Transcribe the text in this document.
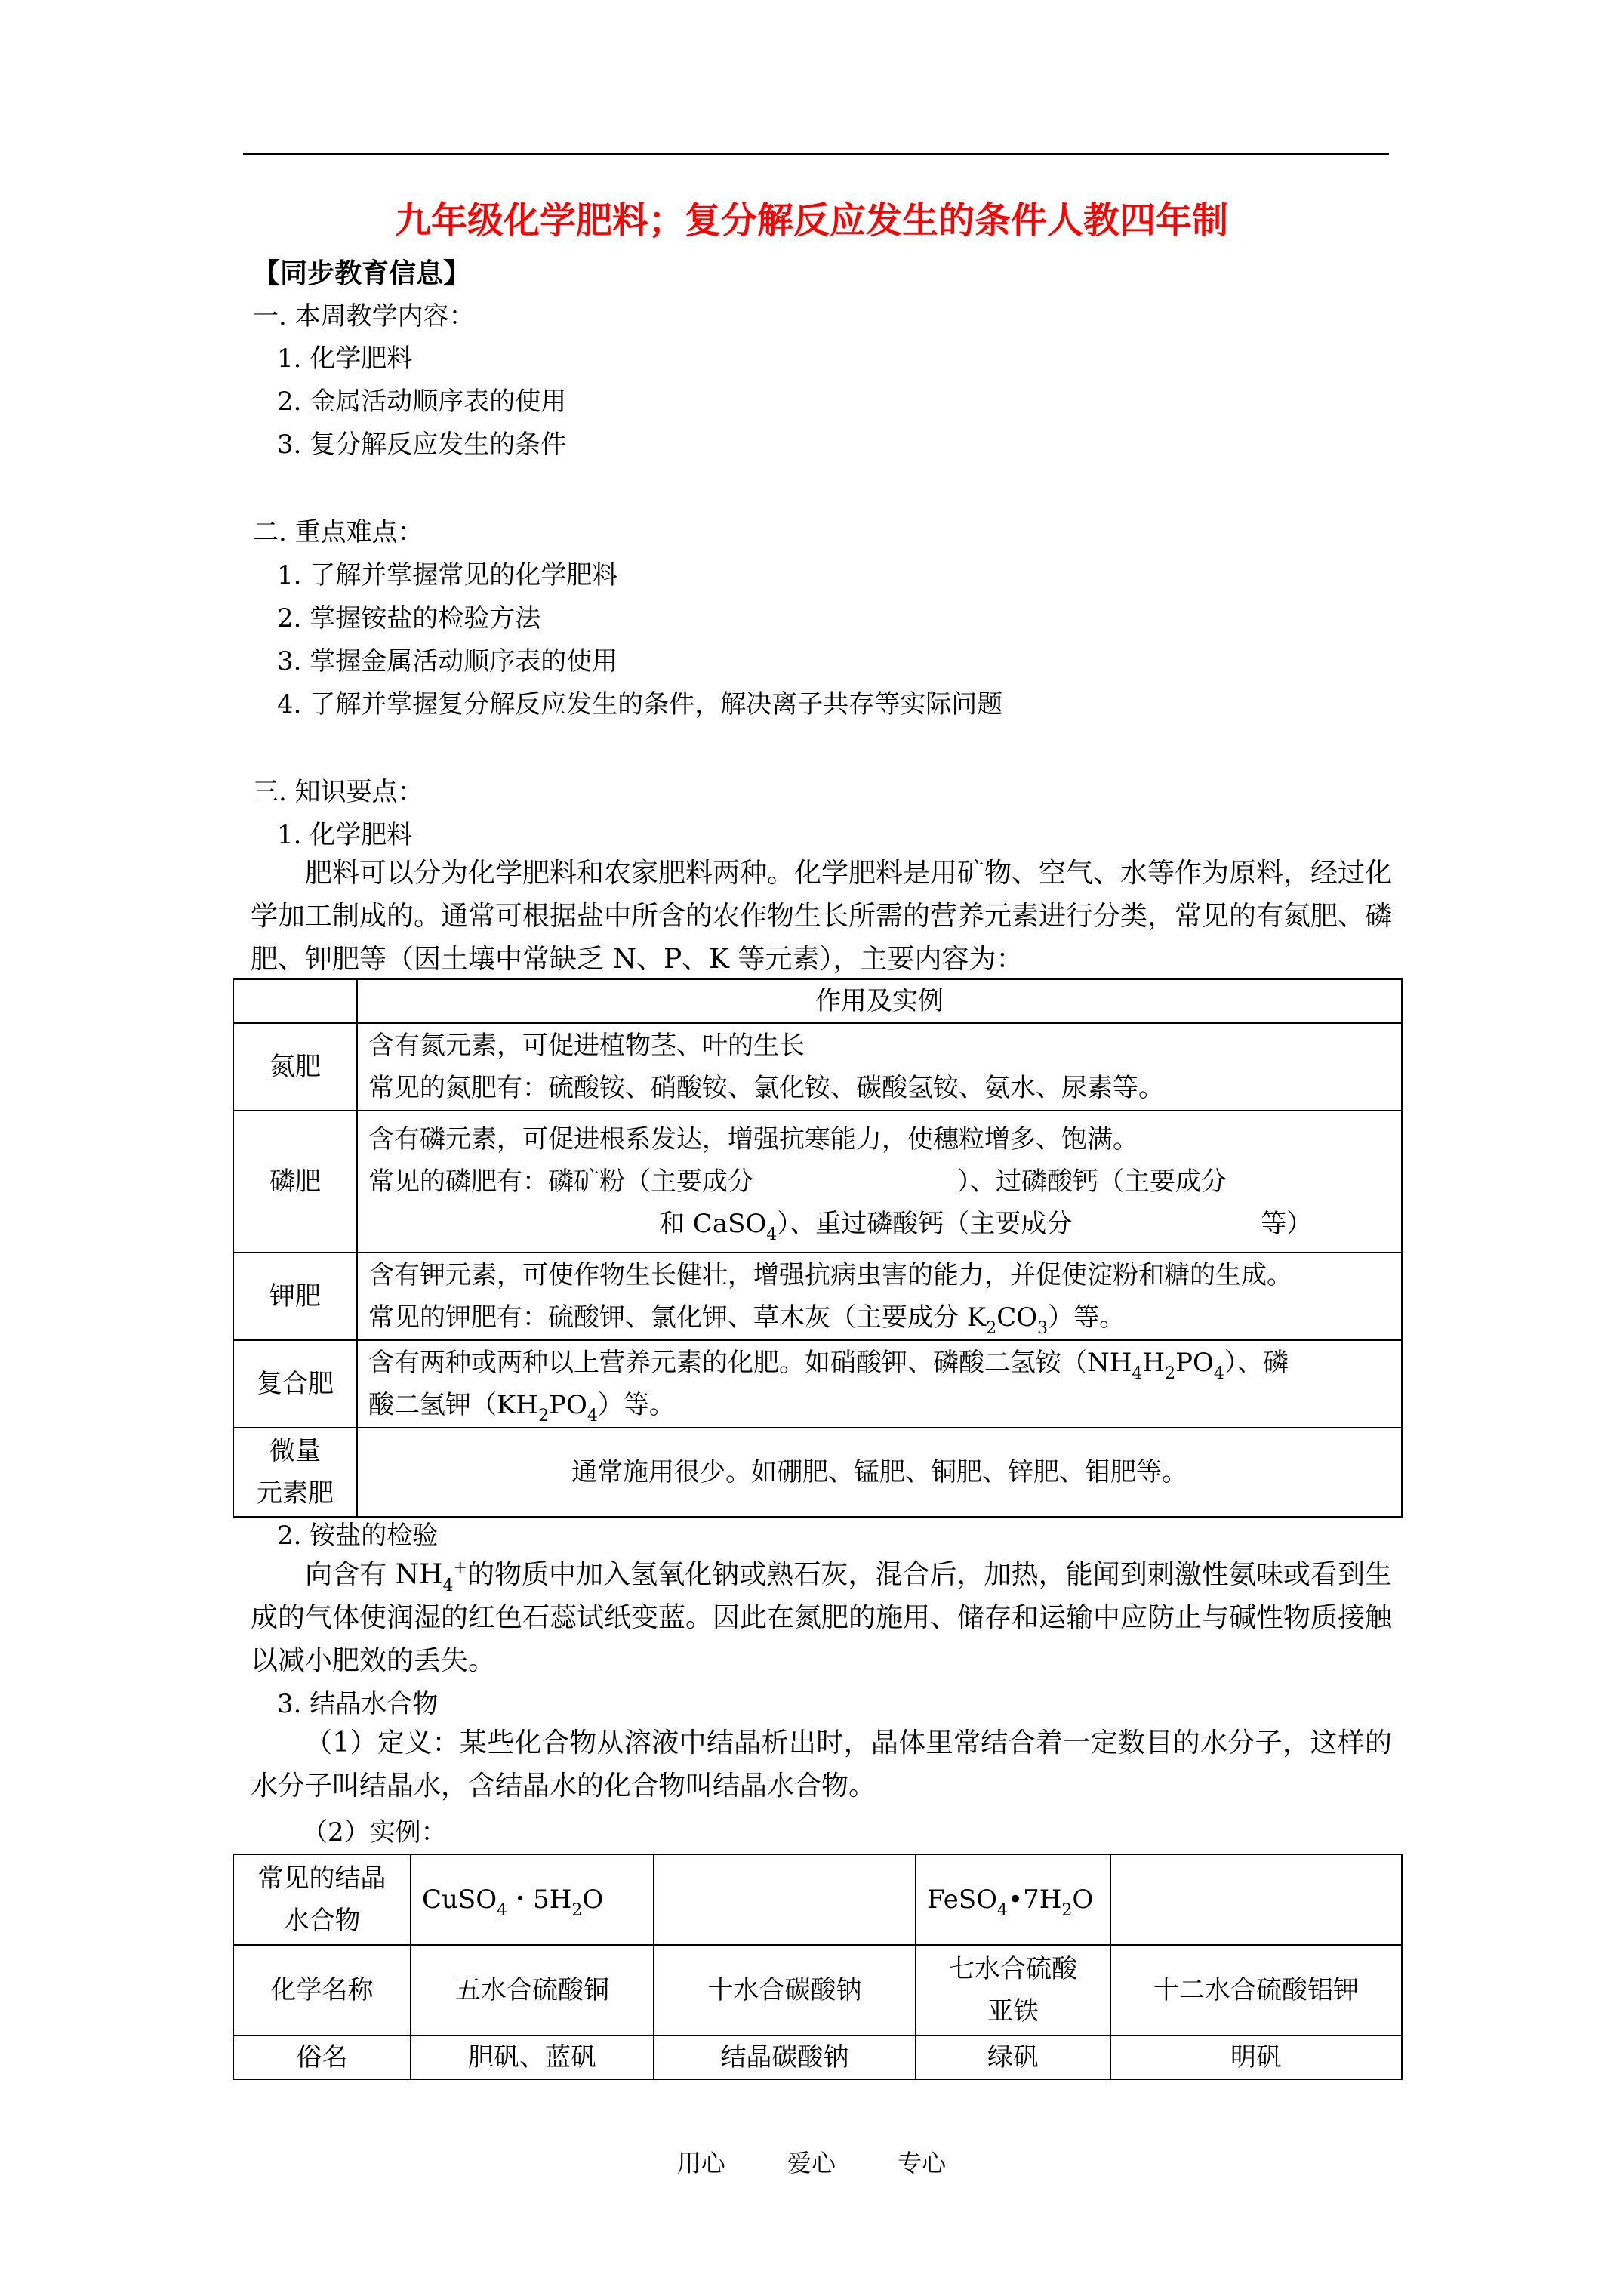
九年级化学肥料；复分解反应发生的条件人教四年制
【同步教育信息】
一. 本周教学内容：
1. 化学肥料
2. 金属活动顺序表的使用
3. 复分解反应发生的条件
二. 重点难点：
1. 了解并掌握常见的化学肥料
2. 掌握铵盐的检验方法
3. 掌握金属活动顺序表的使用
4. 了解并掌握复分解反应发生的条件，解决离子共存等实际问题
三. 知识要点：
1. 化学肥料
肥料可以分为化学肥料和农家肥料两种。化学肥料是用矿物、空气、水等作为原料，经过化学加工制成的。通常可根据盐中所含的农作物生长所需的营养元素进行分类，常见的有氮肥、磷肥、钾肥等（因土壤中常缺乏 N、P、K 等元素），主要内容为：
	作用及实例
氮肥	含有氮元素，可促进植物茎、叶的生长
常见的氮肥有：硫酸铵、硝酸铵、氯化铵、碳酸氢铵、氨水、尿素等。

磷肥	含有磷元素，可促进根系发达，增强抗寒能力，使穗粒增多、饱满。
常见的磷肥有：磷矿粉（主要成分 ）、过磷酸钙（主要成分
和 CaSO$_4$）、重过磷酸钙（主要成分 等）

钾肥	含有钾元素，可使作物生长健壮，增强抗病虫害的能力，并促使淀粉和糖的生成。
常见的钾肥有：硫酸钾、氯化钾、草木灰（主要成分 $K_2CO_3$）等。

复合肥	含有两种或两种以上营养元素的化肥。如硝酸钾、磷酸二氢铵$(NH_4H_2PO_4)$、磷
酸二氢钾$(KH_2PO_4)$等。

微量
元素肥	通常施用很少。如硼肥、锰肥、铜肥、锌肥、钼肥等。
2. 铵盐的检验
向含有 $NH_4^+$的物质中加入氢氧化钠或熟石灰，混合后，加热，能闻到刺激性氨味或看到生成的气体使润湿的红色石蕊试纸变蓝。因此在氮肥的施用、储存和运输中应防止与碱性物质接触以减小肥效的丢失。
3. 结晶水合物
（1）定义：某些化合物从溶液中结晶析出时，晶体里常结合着一定数目的水分子，这样的水分子叫结晶水，含结晶水的化合物叫结晶水合物。
（2）实例：
常见的结晶
水合物	CuSO$_4$・$5H_2O$		$FeSO_4•7H_2O$	
化学名称	五水合硫酸铜	十水合碳酸钠	七水合硫酸
亚铁	十二水合硫酸铝钾
俗名	胆矾、蓝矾	结晶碳酸钠	绿矾	明矾
用心	爱心	专心
